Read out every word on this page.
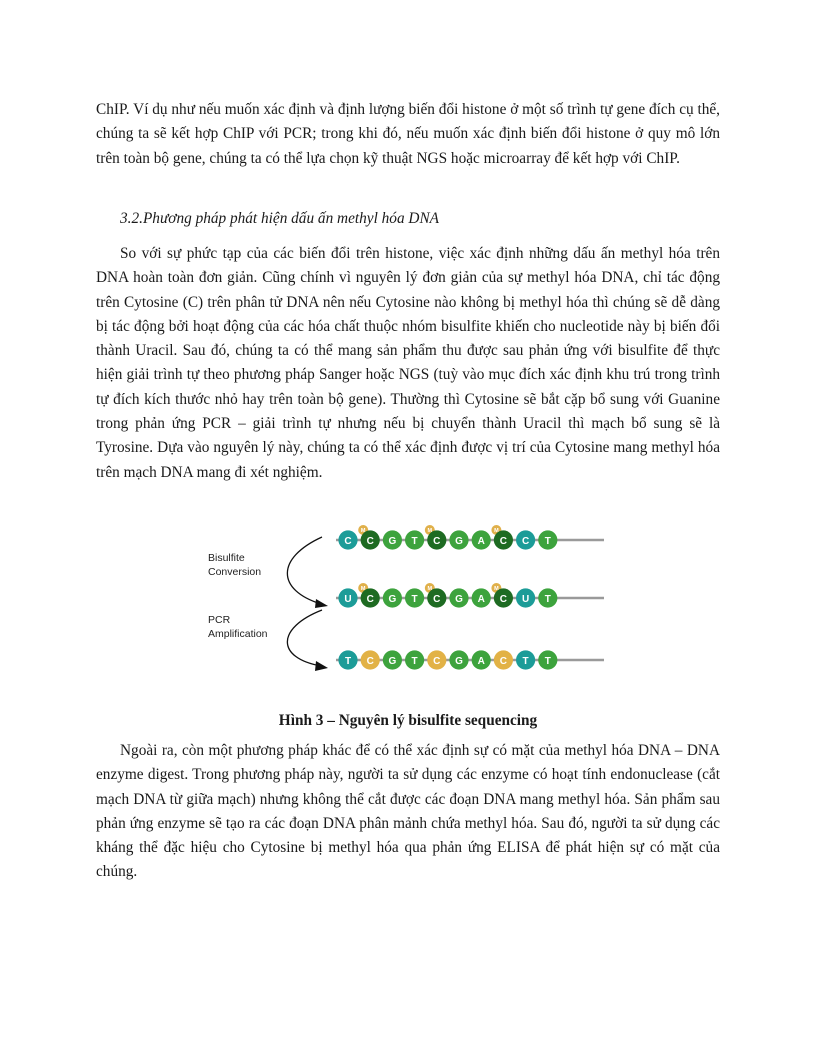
ChIP. Ví dụ như nếu muốn xác định và định lượng biến đổi histone ở một số trình tự gene đích cụ thể, chúng ta sẽ kết hợp ChIP với PCR; trong khi đó, nếu muốn xác định biến đổi histone ở quy mô lớn trên toàn bộ gene, chúng ta có thể lựa chọn kỹ thuật NGS hoặc microarray để kết hợp với ChIP.

3.2.Phương pháp phát hiện dấu ấn methyl hóa DNA

So với sự phức tạp của các biến đổi trên histone, việc xác định những dấu ấn methyl hóa trên DNA hoàn toàn đơn giản. Cũng chính vì nguyên lý đơn giản của sự methyl hóa DNA, chỉ tác động trên Cytosine (C) trên phân tử DNA nên nếu Cytosine nào không bị methyl hóa thì chúng sẽ dễ dàng bị tác động bởi hoạt động của các hóa chất thuộc nhóm bisulfite khiến cho nucleotide này bị biến đổi thành Uracil. Sau đó, chúng ta có thể mang sản phẩm thu được sau phản ứng với bisulfite để thực hiện giải trình tự theo phương pháp Sanger hoặc NGS (tuỳ vào mục đích xác định khu trú trong trình tự đích kích thước nhỏ hay trên toàn bộ gene). Thường thì Cytosine sẽ bắt cặp bổ sung với Guanine trong phản ứng PCR – giải trình tự nhưng nếu bị chuyển thành Uracil thì mạch bổ sung sẽ là Tyrosine. Dựa vào nguyên lý này, chúng ta có thể xác định được vị trí của Cytosine mang methyl hóa trên mạch DNA mang đi xét nghiệm.

Bisulfite
Conversion
PCR
Amplification
C
M
C G T
M
C G A
M
C C T
U
M
C G T
M
C G A
M
C U T
T C G T C G A C T T

Hình 3 – Nguyên lý bisulfite sequencing

Ngoài ra, còn một phương pháp khác để có thể xác định sự có mặt của methyl hóa DNA – DNA enzyme digest. Trong phương pháp này, người ta sử dụng các enzyme có hoạt tính endonuclease (cắt mạch DNA từ giữa mạch) nhưng không thể cắt được các đoạn DNA mang methyl hóa. Sản phẩm sau phản ứng enzyme sẽ tạo ra các đoạn DNA phân mảnh chứa methyl hóa. Sau đó, người ta sử dụng các kháng thể đặc hiệu cho Cytosine bị methyl hóa qua phản ứng ELISA để phát hiện sự có mặt của chúng.
